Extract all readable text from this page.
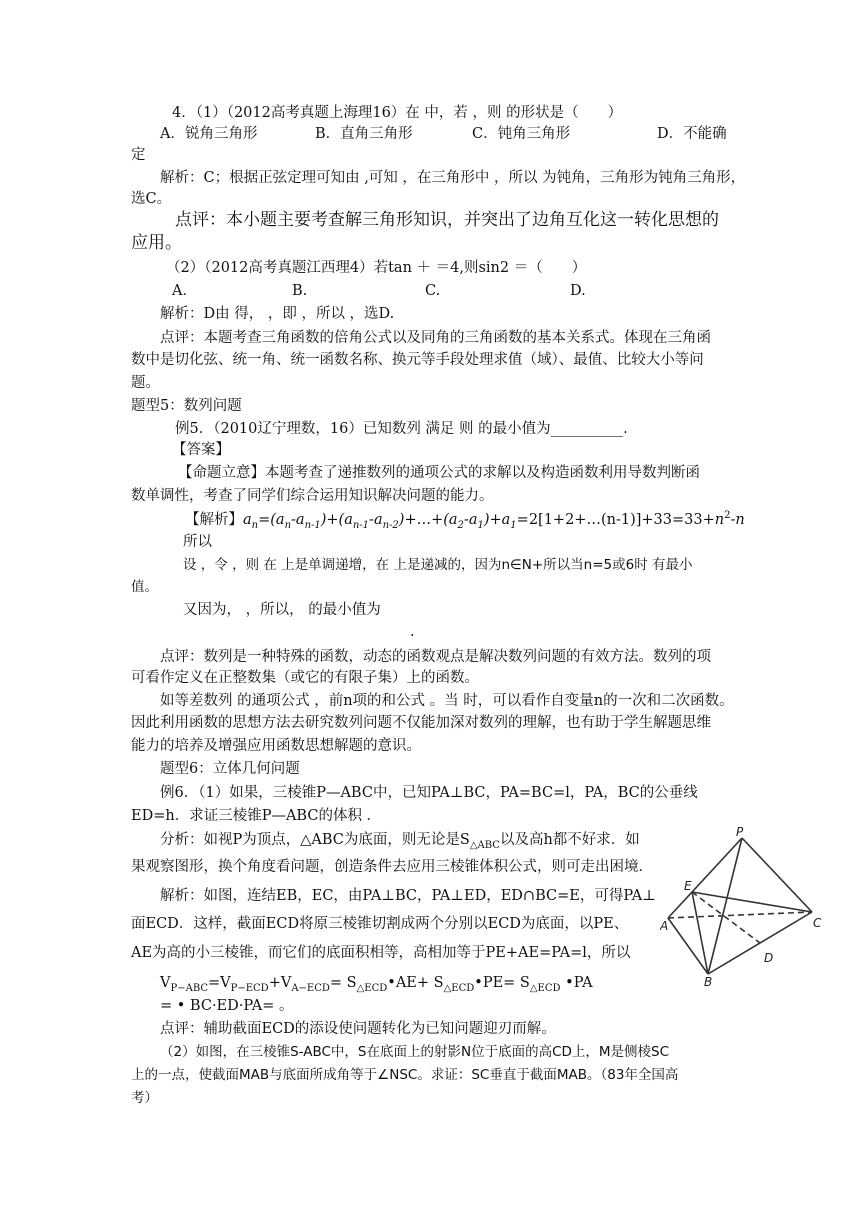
4．（1）（2012高考真题上海理16）在 中，若 ，则 的形状是（　　）
A．锐角三角形	B．直角三角形	C．钝角三角形	D．不能确
定
解析：C；根据正弦定理可知由 ,可知 ，在三角形中 ，所以 为钝角，三角形为钝角三角形，
选C。
点评：本小题主要考查解三角形知识，并突出了边角互化这一转化思想的
应用。
（2）（2012高考真题江西理4）若tan ＋ ＝4,则sin2 ＝（　　）
A．	B.	C.	D.
解析：D由 得， ，即 ，所以 ，选D.
点评：本题考查三角函数的倍角公式以及同角的三角函数的基本关系式。体现在三角函
数中是切化弦、统一角、统一函数名称、换元等手段处理求值（域）、最值、比较大小等问
题。
题型5：数列问题
例5．（2010辽宁理数，16）已知数列 满足 则 的最小值为__________.
【答案】
【命题立意】本题考查了递推数列的通项公式的求解以及构造函数利用导数判断函
数单调性，考查了同学们综合运用知识解决问题的能力。
【解析】$a_n=(a_n-a_{n-1})+(a_{n-1}-a_{n-2})+\dots+(a_2-a_1)+a_1=2[1+2+\dots(n-1)]+33=33+n^2-n$
所以
设 ，令 ，则 在 上是单调递增，在 上是递减的，因为n∈N+所以当n=5或6时 有最小
值。
又因为， ，所以， 的最小值为
.
点评：数列是一种特殊的函数，动态的函数观点是解决数列问题的有效方法。数列的项
可看作定义在正整数集（或它的有限子集）上的函数。
如等差数列 的通项公式 ，前n项的和公式 。当 时，可以看作自变量n的一次和二次函数。
因此利用函数的思想方法去研究数列问题不仅能加深对数列的理解，也有助于学生解题思维
能力的培养及增强应用函数思想解题的意识。
题型6：立体几何问题
例6．（1）如果，三棱锥P—ABC中，已知PA⊥BC，PA=BC=l，PA，BC的公垂线
ED=h．求证三棱锥P—ABC的体积 ．
分析：如视P为顶点，△ABC为底面，则无论是$S_{\triangle ABC}$以及高h都不好求．如
果观察图形，换个角度看问题，创造条件去应用三棱锥体积公式，则可走出困境．
解析：如图，连结EB，EC，由PA⊥BC，PA⊥ED，ED∩BC=E，可得PA⊥
面ECD．这样，截面ECD将原三棱锥切割成两个分别以ECD为底面，以PE、
AE为高的小三棱锥，而它们的底面积相等，高相加等于PE+AE=PA=l，所以
$V_{P-ABC}=V_{P-ECD}+V_{A-ECD}=$ $S_{\triangle ECD}•AE+$ $S_{\triangle ECD}•PE= S_{\triangle ECD}$ •PA
= • BC·ED·PA= 。
点评：辅助截面ECD的添设使问题转化为已知问题迎刃而解。
（2）如图，在三棱锥S-ABC中，S在底面上的射影N位于底面的高CD上，M是侧棱SC
上的一点，使截面MAB与底面所成角等于∠NSC。求证：SC垂直于截面MAB。（83年全国高
考）
P
E
A	C
B
D
